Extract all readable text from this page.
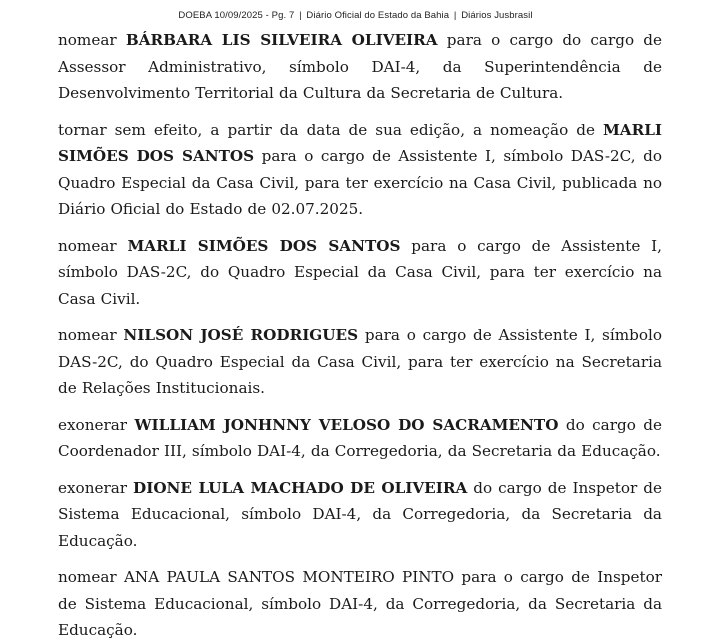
DOEBA 10/09/2025 - Pg. 7 | Diário Oficial do Estado da Bahia | Diários Jusbrasil

nomear BÁRBARA LIS SILVEIRA OLIVEIRA para o cargo do cargo de Assessor Administrativo, símbolo DAI-4, da Superintendência de Desenvolvimento Territorial da Cultura da Secretaria de Cultura.

tornar sem efeito, a partir da data de sua edição, a nomeação de MARLI SIMÕES DOS SANTOS para o cargo de Assistente I, símbolo DAS-2C, do Quadro Especial da Casa Civil, para ter exercício na Casa Civil, publicada no Diário Oficial do Estado de 02.07.2025.

nomear MARLI SIMÕES DOS SANTOS para o cargo de Assistente I, símbolo DAS-2C, do Quadro Especial da Casa Civil, para ter exercício na Casa Civil.

nomear NILSON JOSÉ RODRIGUES para o cargo de Assistente I, símbolo DAS-2C, do Quadro Especial da Casa Civil, para ter exercício na Secretaria de Relações Institucionais.

exonerar WILLIAM JONHNNY VELOSO DO SACRAMENTO do cargo de Coordenador III, símbolo DAI-4, da Corregedoria, da Secretaria da Educação.

exonerar DIONE LULA MACHADO DE OLIVEIRA do cargo de Inspetor de Sistema Educacional, símbolo DAI-4, da Corregedoria, da Secretaria da Educação.

nomear ANA PAULA SANTOS MONTEIRO PINTO para o cargo de Inspetor de Sistema Educacional, símbolo DAI-4, da Corregedoria, da Secretaria da Educação.
